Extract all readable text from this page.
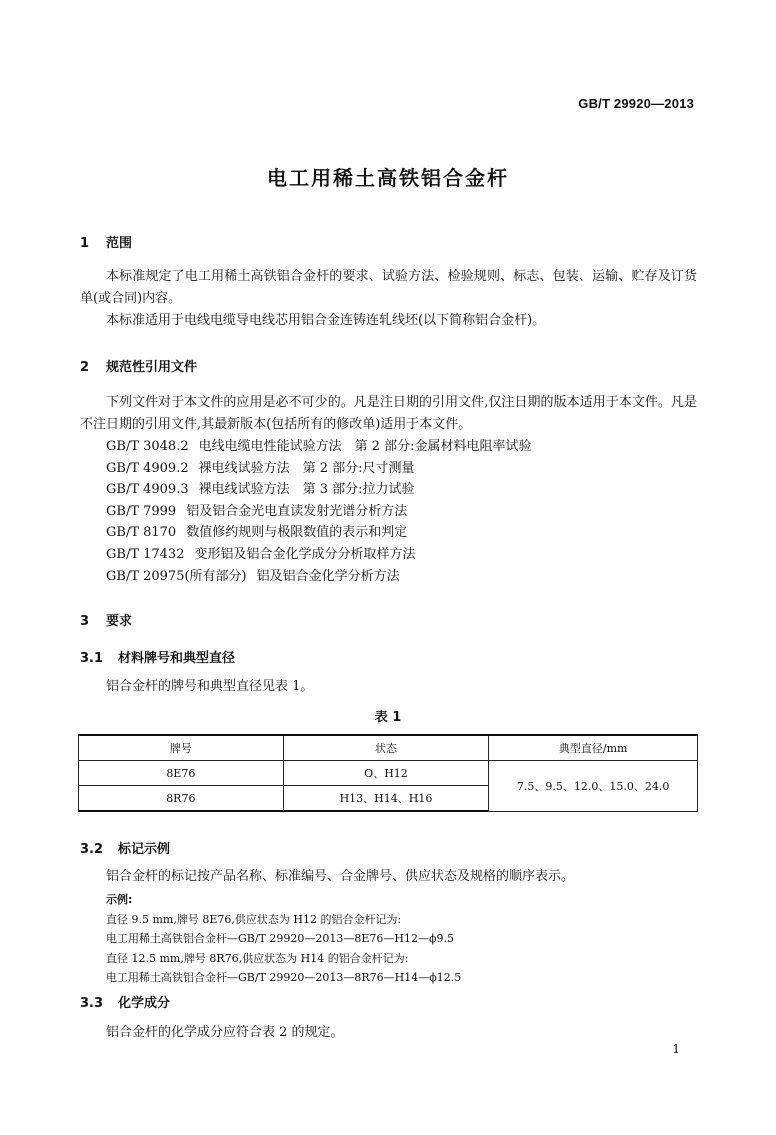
GB/T 29920—2013
电工用稀土高铁铝合金杆
1 范围
本标准规定了电工用稀土高铁铝合金杆的要求、试验方法、检验规则、标志、包装、运输、贮存及订货单(或合同)内容。
本标准适用于电线电缆导电线芯用铝合金连铸连轧线坯(以下简称铝合金杆)。
2 规范性引用文件
下列文件对于本文件的应用是必不可少的。凡是注日期的引用文件,仅注日期的版本适用于本文件。凡是不注日期的引用文件,其最新版本(包括所有的修改单)适用于本文件。
GB/T 3048.2 电线电缆电性能试验方法　第 2 部分:金属材料电阻率试验
GB/T 4909.2 裸电线试验方法　第 2 部分:尺寸测量
GB/T 4909.3 裸电线试验方法　第 3 部分:拉力试验
GB/T 7999 铝及铝合金光电直读发射光谱分析方法
GB/T 8170 数值修约规则与极限数值的表示和判定
GB/T 17432 变形铝及铝合金化学成分分析取样方法
GB/T 20975(所有部分) 铝及铝合金化学分析方法
3 要求
3.1 材料牌号和典型直径
铝合金杆的牌号和典型直径见表 1。
表 1
牌号	状态	典型直径/mm
8E76	O、H12	7.5、9.5、12.0、15.0、24.0
8R76	H13、H14、H16	
3.2 标记示例
铝合金杆的标记按产品名称、标准编号、合金牌号、供应状态及规格的顺序表示。
示例:
直径 9.5 mm,牌号 8E76,供应状态为 H12 的铝合金杆记为:
电工用稀土高铁铝合金杆—GB/T 29920—2013—8E76—H12—ϕ9.5
直径 12.5 mm,牌号 8R76,供应状态为 H14 的铝合金杆记为:
电工用稀土高铁铝合金杆—GB/T 29920—2013—8R76—H14—ϕ12.5
3.3 化学成分
铝合金杆的化学成分应符合表 2 的规定。
1
